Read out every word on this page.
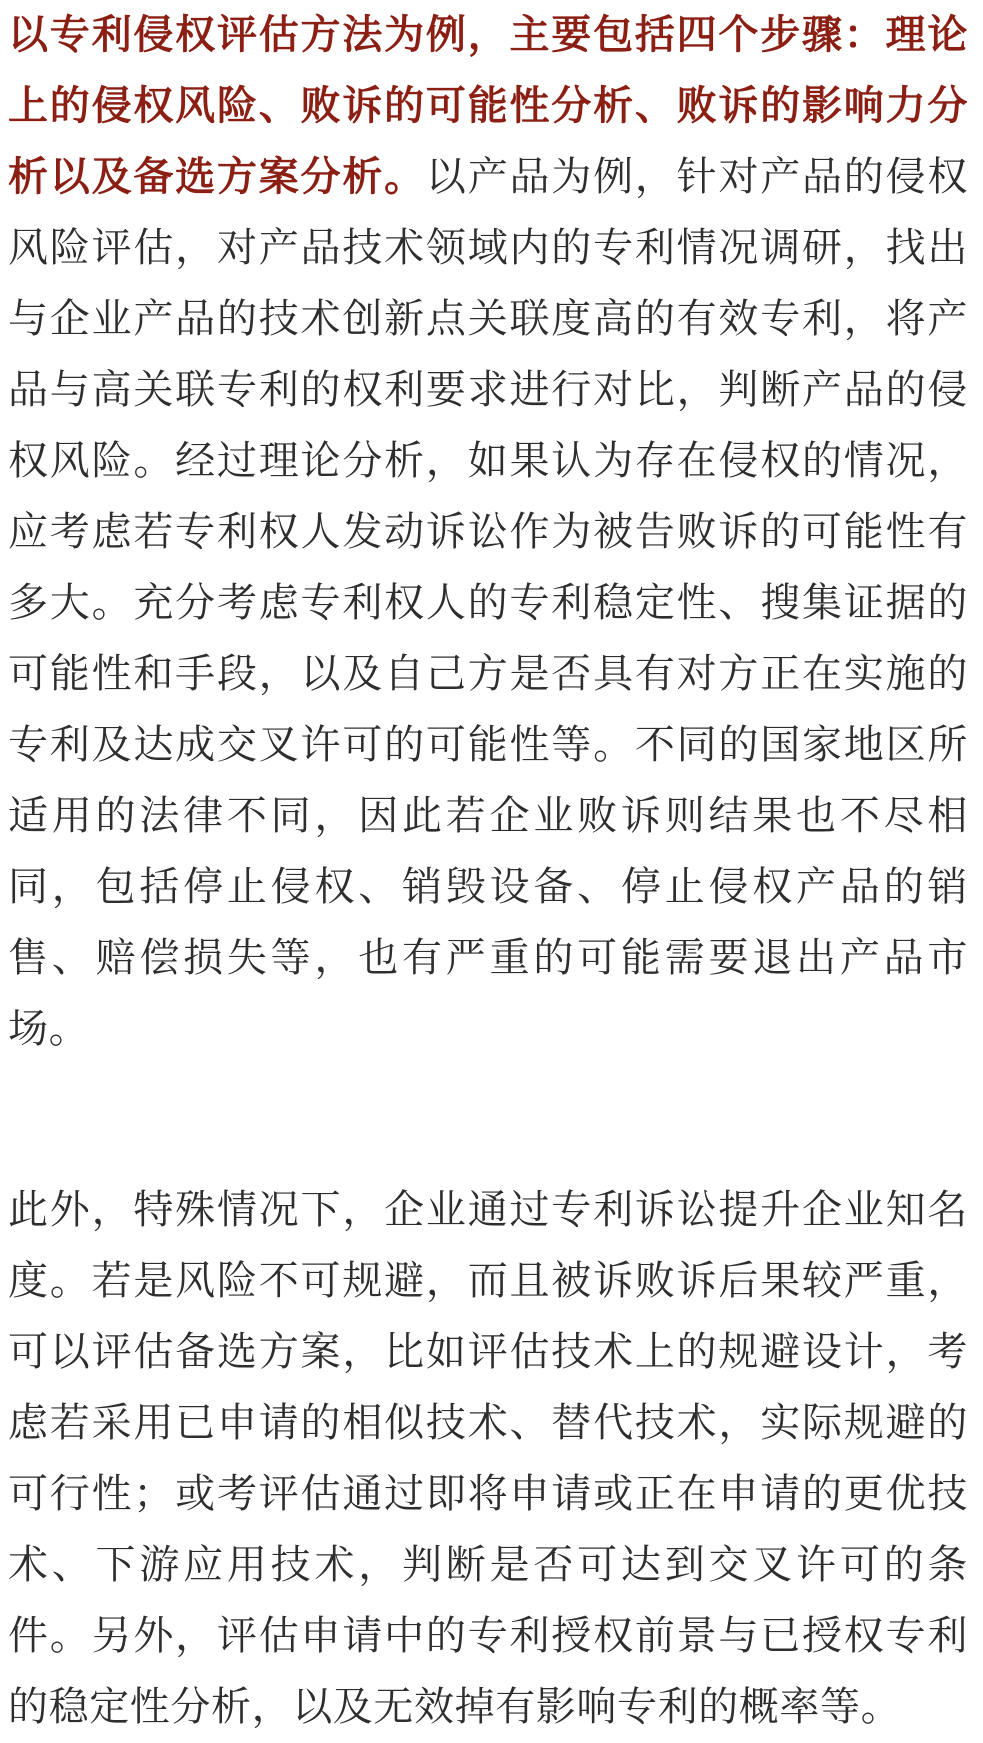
以专利侵权评估方法为例，主要包括四个步骤：理论上的侵权风险、败诉的可能性分析、败诉的影响力分析以及备选方案分析。以产品为例，针对产品的侵权风险评估，对产品技术领域内的专利情况调研，找出与企业产品的技术创新点关联度高的有效专利，将产品与高关联专利的权利要求进行对比，判断产品的侵权风险。经过理论分析，如果认为存在侵权的情况，应考虑若专利权人发动诉讼作为被告败诉的可能性有多大。充分考虑专利权人的专利稳定性、搜集证据的可能性和手段，以及自己方是否具有对方正在实施的专利及达成交叉许可的可能性等。不同的国家地区所适用的法律不同，因此若企业败诉则结果也不尽相同，包括停止侵权、销毁设备、停止侵权产品的销售、赔偿损失等，也有严重的可能需要退出产品市场。

此外，特殊情况下，企业通过专利诉讼提升企业知名度。若是风险不可规避，而且被诉败诉后果较严重，可以评估备选方案，比如评估技术上的规避设计，考虑若采用已申请的相似技术、替代技术，实际规避的可行性；或考评估通过即将申请或正在申请的更优技术、下游应用技术，判断是否可达到交叉许可的条件。另外，评估申请中的专利授权前景与已授权专利的稳定性分析，以及无效掉有影响专利的概率等。
